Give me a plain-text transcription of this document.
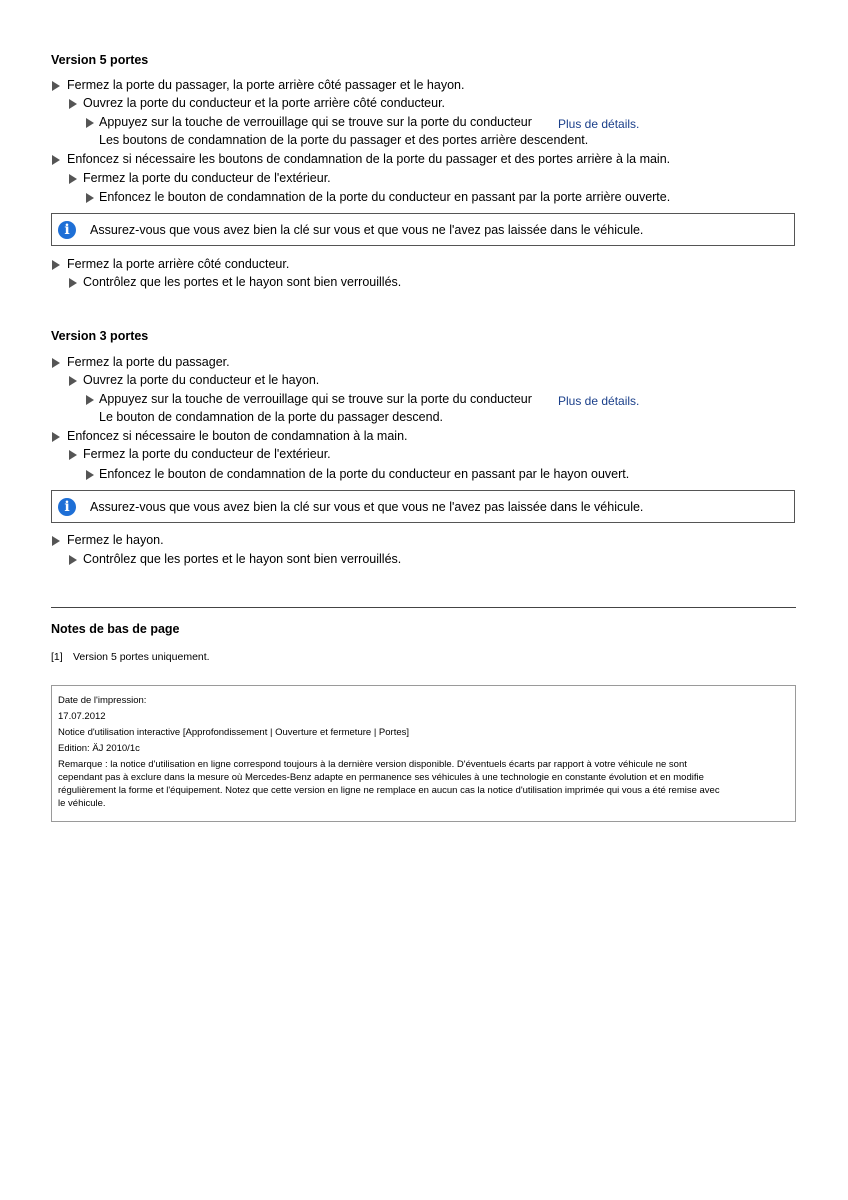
Version 5 portes
Fermez la porte du passager, la porte arrière côté passager et le hayon.
Ouvrez la porte du conducteur et la porte arrière côté conducteur.
Appuyez sur la touche de verrouillage qui se trouve sur la porte du conducteur Plus de détails.
Les boutons de condamnation de la porte du passager et des portes arrière descendent.
Enfoncez si nécessaire les boutons de condamnation de la porte du passager et des portes arrière à la main.
Fermez la porte du conducteur de l'extérieur.
Enfoncez le bouton de condamnation de la porte du conducteur en passant par la porte arrière ouverte.
i
Assurez-vous que vous avez bien la clé sur vous et que vous ne l'avez pas laissée dans le véhicule.
Fermez la porte arrière côté conducteur.
Contrôlez que les portes et le hayon sont bien verrouillés.
Version 3 portes
Fermez la porte du passager.
Ouvrez la porte du conducteur et le hayon.
Appuyez sur la touche de verrouillage qui se trouve sur la porte du conducteur Plus de détails.
Le bouton de condamnation de la porte du passager descend.
Enfoncez si nécessaire le bouton de condamnation à la main.
Fermez la porte du conducteur de l'extérieur.
Enfoncez le bouton de condamnation de la porte du conducteur en passant par le hayon ouvert.
i
Assurez-vous que vous avez bien la clé sur vous et que vous ne l'avez pas laissée dans le véhicule.
Fermez le hayon.
Contrôlez que les portes et le hayon sont bien verrouillés.
Notes de bas de page
[1] Version 5 portes uniquement.
Date de l'impression:
17.07.2012
Notice d'utilisation interactive [Approfondissement | Ouverture et fermeture | Portes]
Edition: ÄJ 2010/1c
Remarque : la notice d'utilisation en ligne correspond toujours à la dernière version disponible. D'éventuels écarts par rapport à votre véhicule ne sont
cependant pas à exclure dans la mesure où Mercedes-Benz adapte en permanence ses véhicules à une technologie en constante évolution et en modifie
régulièrement la forme et l'équipement. Notez que cette version en ligne ne remplace en aucun cas la notice d'utilisation imprimée qui vous a été remise avec
le véhicule.
